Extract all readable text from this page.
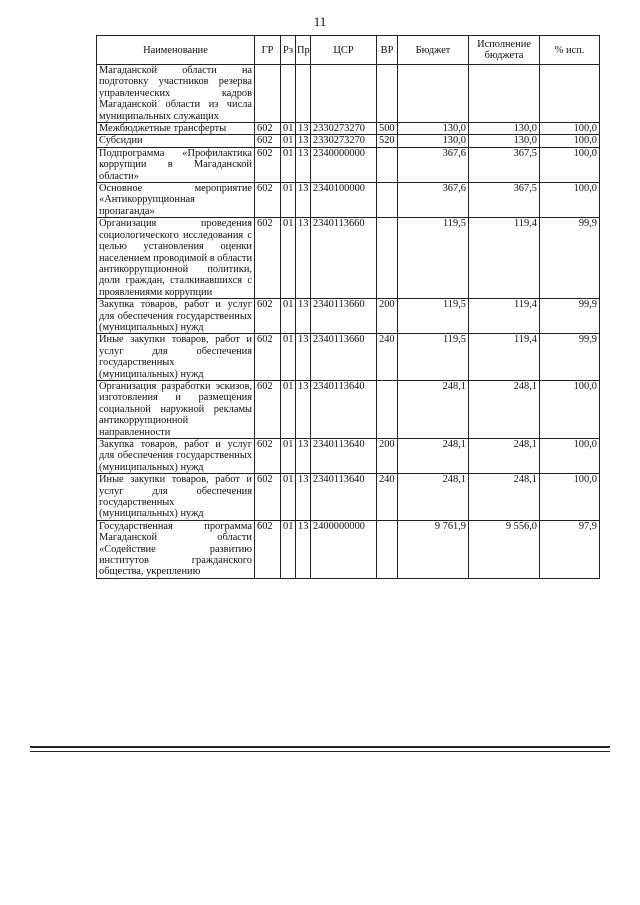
11
Наименование	ГР	Рз	Пр	ЦСР	ВР	Бюджет	Исполнение бюджета	% исп.
Магаданской области на подготовку участников резерва управленческих кадров Магаданской области из числа муниципальных служащих								
Межбюджетные трансферты	602	01	13	2330273270	500	130,0	130,0	100,0
Субсидии	602	01	13	2330273270	520	130,0	130,0	100,0
Подпрограмма «Профилактика коррупции в Магаданской области»	602	01	13	2340000000		367,6	367,5	100,0
Основное мероприятие «Антикоррупционная пропаганда»	602	01	13	2340100000		367,6	367,5	100,0
Организация проведения социологического исследования с целью установления оценки населением проводимой в области антикоррупционной политики, доли граждан, сталкивавшихся с проявлениями коррупции	602	01	13	2340113660		119,5	119,4	99,9
Закупка товаров, работ и услуг для обеспечения государственных (муниципальных) нужд	602	01	13	2340113660	200	119,5	119,4	99,9
Иные закупки товаров, работ и услуг для обеспечения государственных (муниципальных) нужд	602	01	13	2340113660	240	119,5	119,4	99,9
Организация разработки эскизов, изготовления и размещения социальной наружной рекламы антикоррупционной направленности	602	01	13	2340113640		248,1	248,1	100,0
Закупка товаров, работ и услуг для обеспечения государственных (муниципальных) нужд	602	01	13	2340113640	200	248,1	248,1	100,0
Иные закупки товаров, работ и услуг для обеспечения государственных (муниципальных) нужд	602	01	13	2340113640	240	248,1	248,1	100,0
Государственная программа Магаданской области «Содействие развитию институтов гражданского общества, укреплению	602	01	13	2400000000		9 761,9	9 556,0	97,9
